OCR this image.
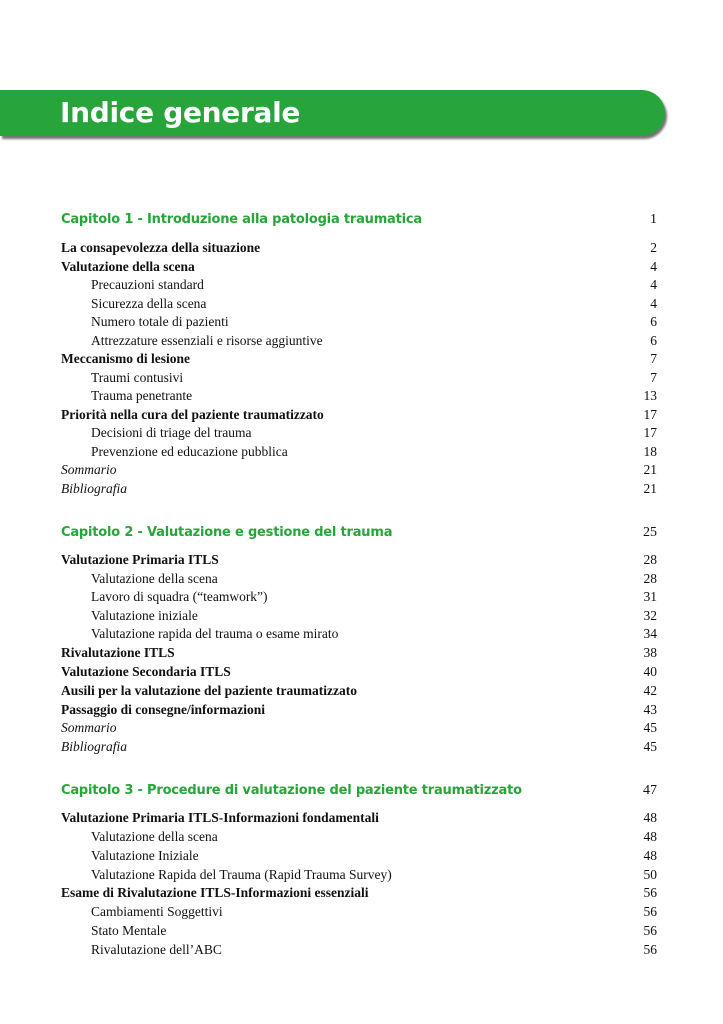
Indice generale
Capitolo 1 - Introduzione alla patologia traumatica	1
La consapevolezza della situazione	2
Valutazione della scena	4
Precauzioni standard	4
Sicurezza della scena	4
Numero totale di pazienti	6
Attrezzature essenziali e risorse aggiuntive	6
Meccanismo di lesione	7
Traumi contusivi	7
Trauma penetrante	13
Priorità nella cura del paziente traumatizzato	17
Decisioni di triage del trauma	17
Prevenzione ed educazione pubblica	18
Sommario	21
Bibliografia	21
Capitolo 2 - Valutazione e gestione del trauma	25
Valutazione Primaria ITLS	28
Valutazione della scena	28
Lavoro di squadra (“teamwork”)	31
Valutazione iniziale	32
Valutazione rapida del trauma o esame mirato	34
Rivalutazione ITLS	38
Valutazione Secondaria ITLS	40
Ausili per la valutazione del paziente traumatizzato	42
Passaggio di consegne/informazioni	43
Sommario	45
Bibliografia	45
Capitolo 3 - Procedure di valutazione del paziente traumatizzato	47
Valutazione Primaria ITLS-Informazioni fondamentali	48
Valutazione della scena	48
Valutazione Iniziale	48
Valutazione Rapida del Trauma (Rapid Trauma Survey)	50
Esame di Rivalutazione ITLS-Informazioni essenziali	56
Cambiamenti Soggettivi	56
Stato Mentale	56
Rivalutazione dell’ABC	56
